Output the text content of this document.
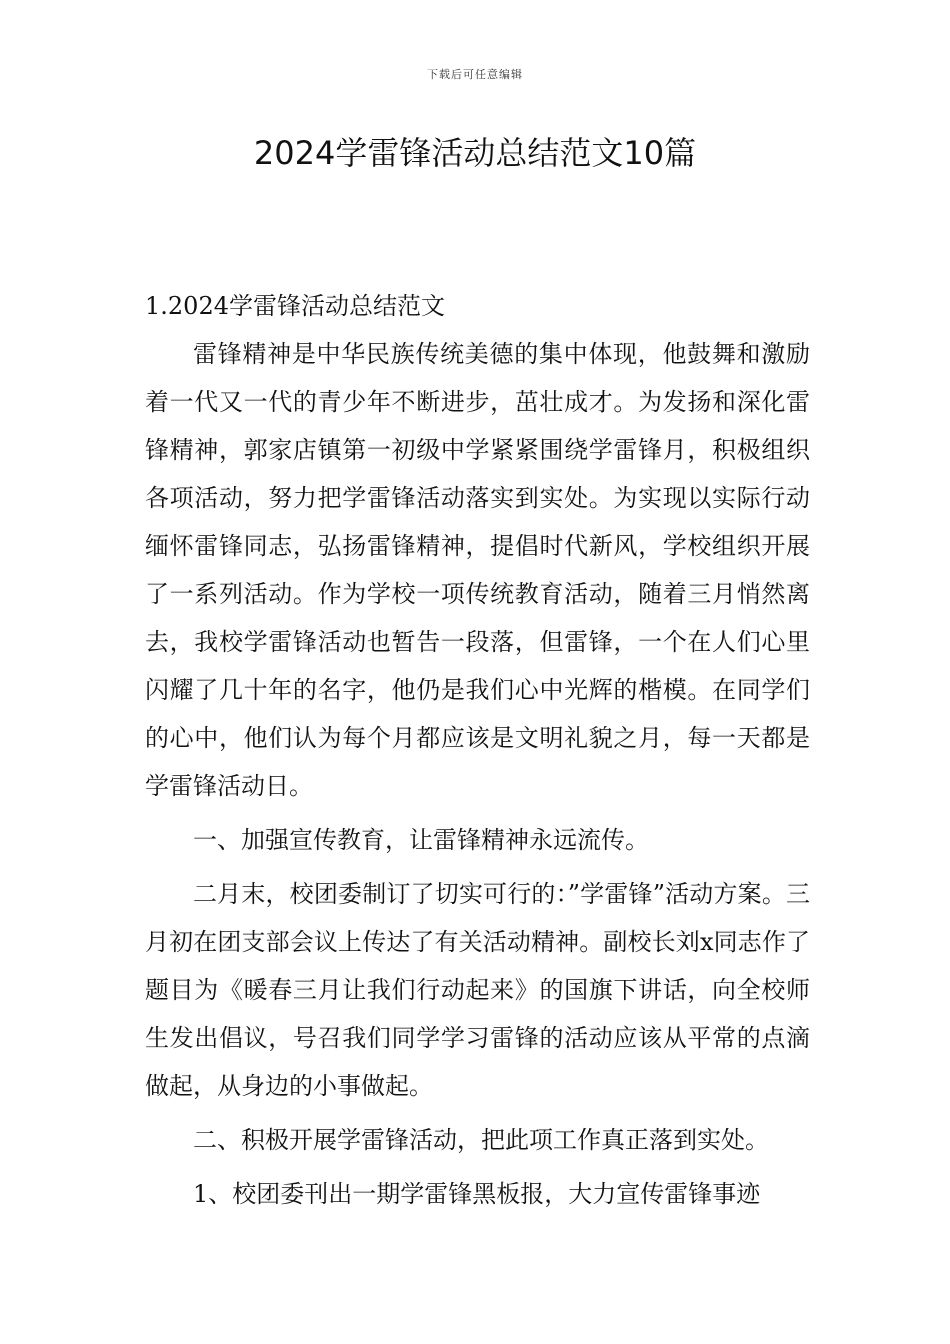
下载后可任意编辑
2024学雷锋活动总结范文10篇

1.2024学雷锋活动总结范文

雷锋精神是中华民族传统美德的集中体现，他鼓舞和激励着一代又一代的青少年不断进步，茁壮成才。为发扬和深化雷锋精神，郭家店镇第一初级中学紧紧围绕学雷锋月，积极组织各项活动，努力把学雷锋活动落实到实处。为实现以实际行动缅怀雷锋同志，弘扬雷锋精神，提倡时代新风，学校组织开展了一系列活动。作为学校一项传统教育活动，随着三月悄然离去，我校学雷锋活动也暂告一段落，但雷锋，一个在人们心里闪耀了几十年的名字，他仍是我们心中光辉的楷模。在同学们的心中，他们认为每个月都应该是文明礼貌之月，每一天都是学雷锋活动日。

一、加强宣传教育，让雷锋精神永远流传。

二月末，校团委制订了切实可行的：”学雷锋”活动方案。三月初在团支部会议上传达了有关活动精神。副校长刘x同志作了题目为《暖春三月让我们行动起来》的国旗下讲话，向全校师生发出倡议，号召我们同学学习雷锋的活动应该从平常的点滴做起，从身边的小事做起。

二、积极开展学雷锋活动，把此项工作真正落到实处。

1、校团委刊出一期学雷锋黑板报，大力宣传雷锋事迹
